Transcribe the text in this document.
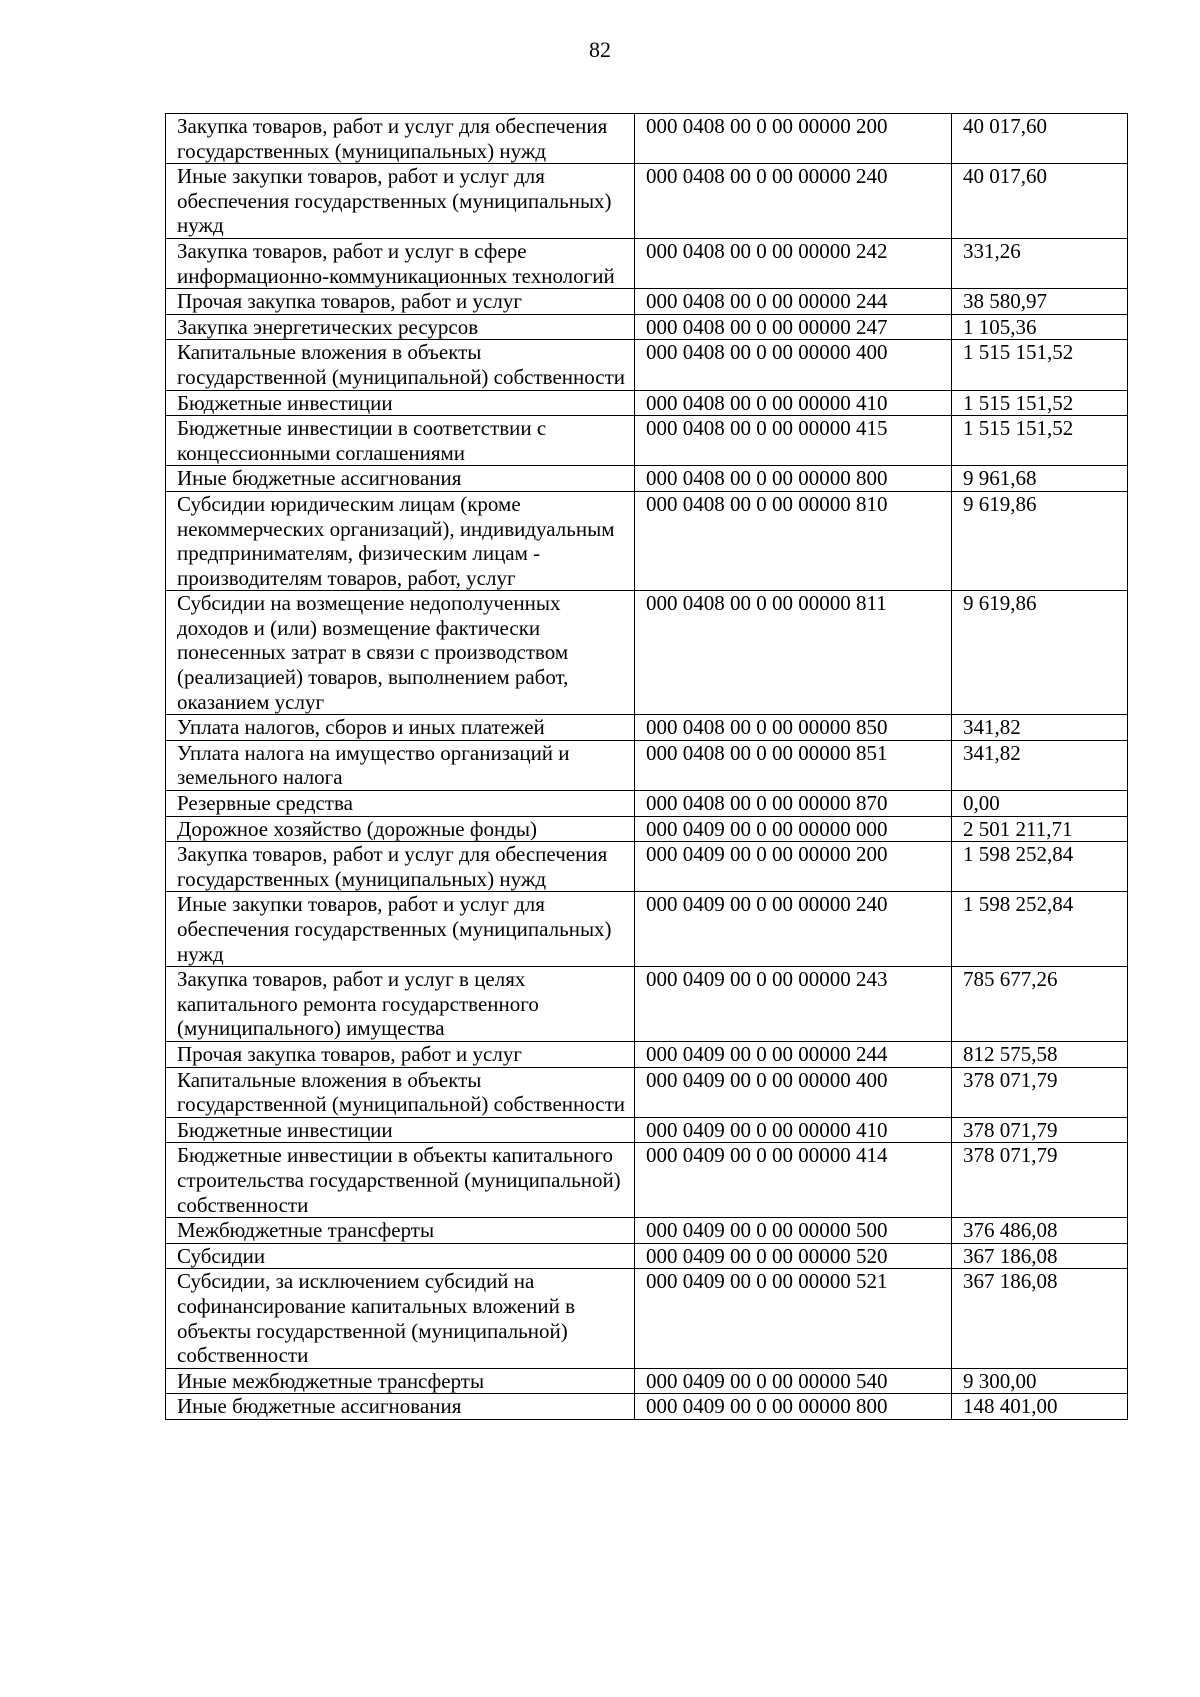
82
Закупка товаров, работ и услуг для обеспечения государственных (муниципальных) нужд	000 0408 00 0 00 00000 200	40 017,60
Иные закупки товаров, работ и услуг для обеспечения государственных (муниципальных) нужд	000 0408 00 0 00 00000 240	40 017,60
Закупка товаров, работ и услуг в сфере информационно-коммуникационных технологий	000 0408 00 0 00 00000 242	331,26
Прочая закупка товаров, работ и услуг	000 0408 00 0 00 00000 244	38 580,97
Закупка энергетических ресурсов	000 0408 00 0 00 00000 247	1 105,36
Капитальные вложения в объекты государственной (муниципальной) собственности	000 0408 00 0 00 00000 400	1 515 151,52
Бюджетные инвестиции	000 0408 00 0 00 00000 410	1 515 151,52
Бюджетные инвестиции в соответствии с концессионными соглашениями	000 0408 00 0 00 00000 415	1 515 151,52
Иные бюджетные ассигнования	000 0408 00 0 00 00000 800	9 961,68
Субсидии юридическим лицам (кроме некоммерческих организаций), индивидуальным предпринимателям, физическим лицам - производителям товаров, работ, услуг	000 0408 00 0 00 00000 810	9 619,86
Субсидии на возмещение недополученных доходов и (или) возмещение фактически понесенных затрат в связи с производством (реализацией) товаров, выполнением работ, оказанием услуг	000 0408 00 0 00 00000 811	9 619,86
Уплата налогов, сборов и иных платежей	000 0408 00 0 00 00000 850	341,82
Уплата налога на имущество организаций и земельного налога	000 0408 00 0 00 00000 851	341,82
Резервные средства	000 0408 00 0 00 00000 870	0,00
Дорожное хозяйство (дорожные фонды)	000 0409 00 0 00 00000 000	2 501 211,71
Закупка товаров, работ и услуг для обеспечения государственных (муниципальных) нужд	000 0409 00 0 00 00000 200	1 598 252,84
Иные закупки товаров, работ и услуг для обеспечения государственных (муниципальных) нужд	000 0409 00 0 00 00000 240	1 598 252,84
Закупка товаров, работ и услуг в целях капитального ремонта государственного (муниципального) имущества	000 0409 00 0 00 00000 243	785 677,26
Прочая закупка товаров, работ и услуг	000 0409 00 0 00 00000 244	812 575,58
Капитальные вложения в объекты государственной (муниципальной) собственности	000 0409 00 0 00 00000 400	378 071,79
Бюджетные инвестиции	000 0409 00 0 00 00000 410	378 071,79
Бюджетные инвестиции в объекты капитального строительства государственной (муниципальной) собственности	000 0409 00 0 00 00000 414	378 071,79
Межбюджетные трансферты	000 0409 00 0 00 00000 500	376 486,08
Субсидии	000 0409 00 0 00 00000 520	367 186,08
Субсидии, за исключением субсидий на софинансирование капитальных вложений в объекты государственной (муниципальной) собственности	000 0409 00 0 00 00000 521	367 186,08
Иные межбюджетные трансферты	000 0409 00 0 00 00000 540	9 300,00
Иные бюджетные ассигнования	000 0409 00 0 00 00000 800	148 401,00
